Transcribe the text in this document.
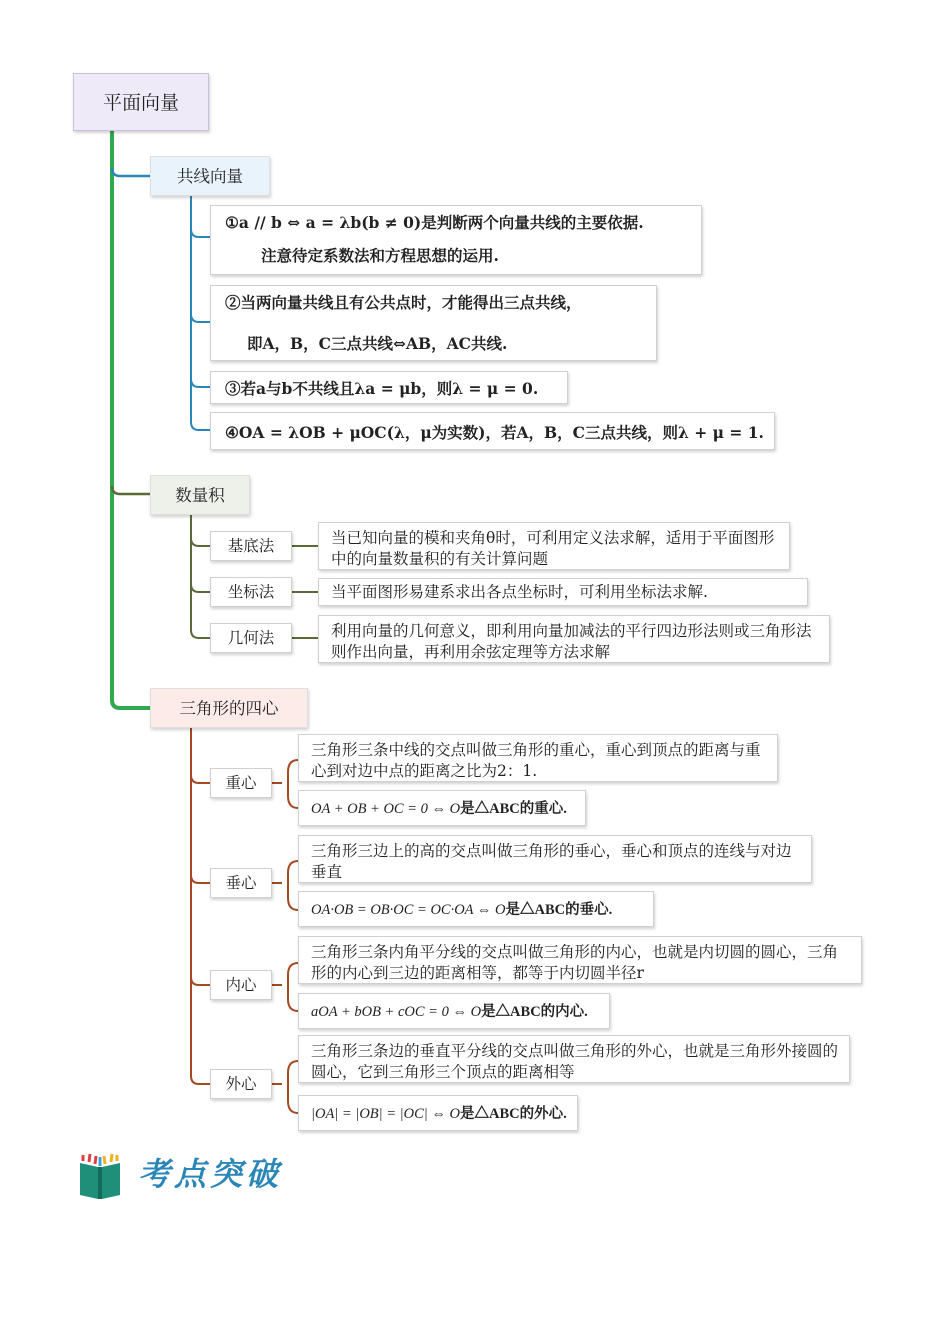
平面向量
共线向量
①a // b ⇔ a = λb(b ≠ 0)是判断两个向量共线的主要依据.
注意待定系数法和方程思想的运用.
②当两向量共线且有公共点时，才能得出三点共线，
即A，B，C三点共线⇔AB，AC共线.
③若a与b不共线且λa = μb，则λ = μ = 0.
④OA = λOB + μOC(λ，μ为实数)，若A，B，C三点共线，则λ + μ = 1.
数量积
基底法	当已知向量的模和夹角θ时，可利用定义法求解，适用于平面图形中的向量数量积的有关计算问题
坐标法	当平面图形易建系求出各点坐标时，可利用坐标法求解.
几何法	利用向量的几何意义，即利用向量加减法的平行四边形法则或三角形法则作出向量，再利用余弦定理等方法求解
三角形的四心
重心
三角形三条中线的交点叫做三角形的重心，重心到顶点的距离与重心到对边中点的距离之比为2：1.
OA + OB + OC = 0 ⇔ O是△ABC的重心.
垂心
三角形三边上的高的交点叫做三角形的垂心，垂心和顶点的连线与对边垂直
OA·OB = OB·OC = OC·OA ⇔ O是△ABC的垂心.
内心
三角形三条内角平分线的交点叫做三角形的内心，也就是内切圆的圆心，三角形的内心到三边的距离相等，都等于内切圆半径r
aOA + bOB + cOC = 0 ⇔ O是△ABC的内心.
外心
三角形三条边的垂直平分线的交点叫做三角形的外心，也就是三角形外接圆的圆心，它到三角形三个顶点的距离相等
|OA| = |OB| = |OC| ⇔ O是△ABC的外心.
考点突破
